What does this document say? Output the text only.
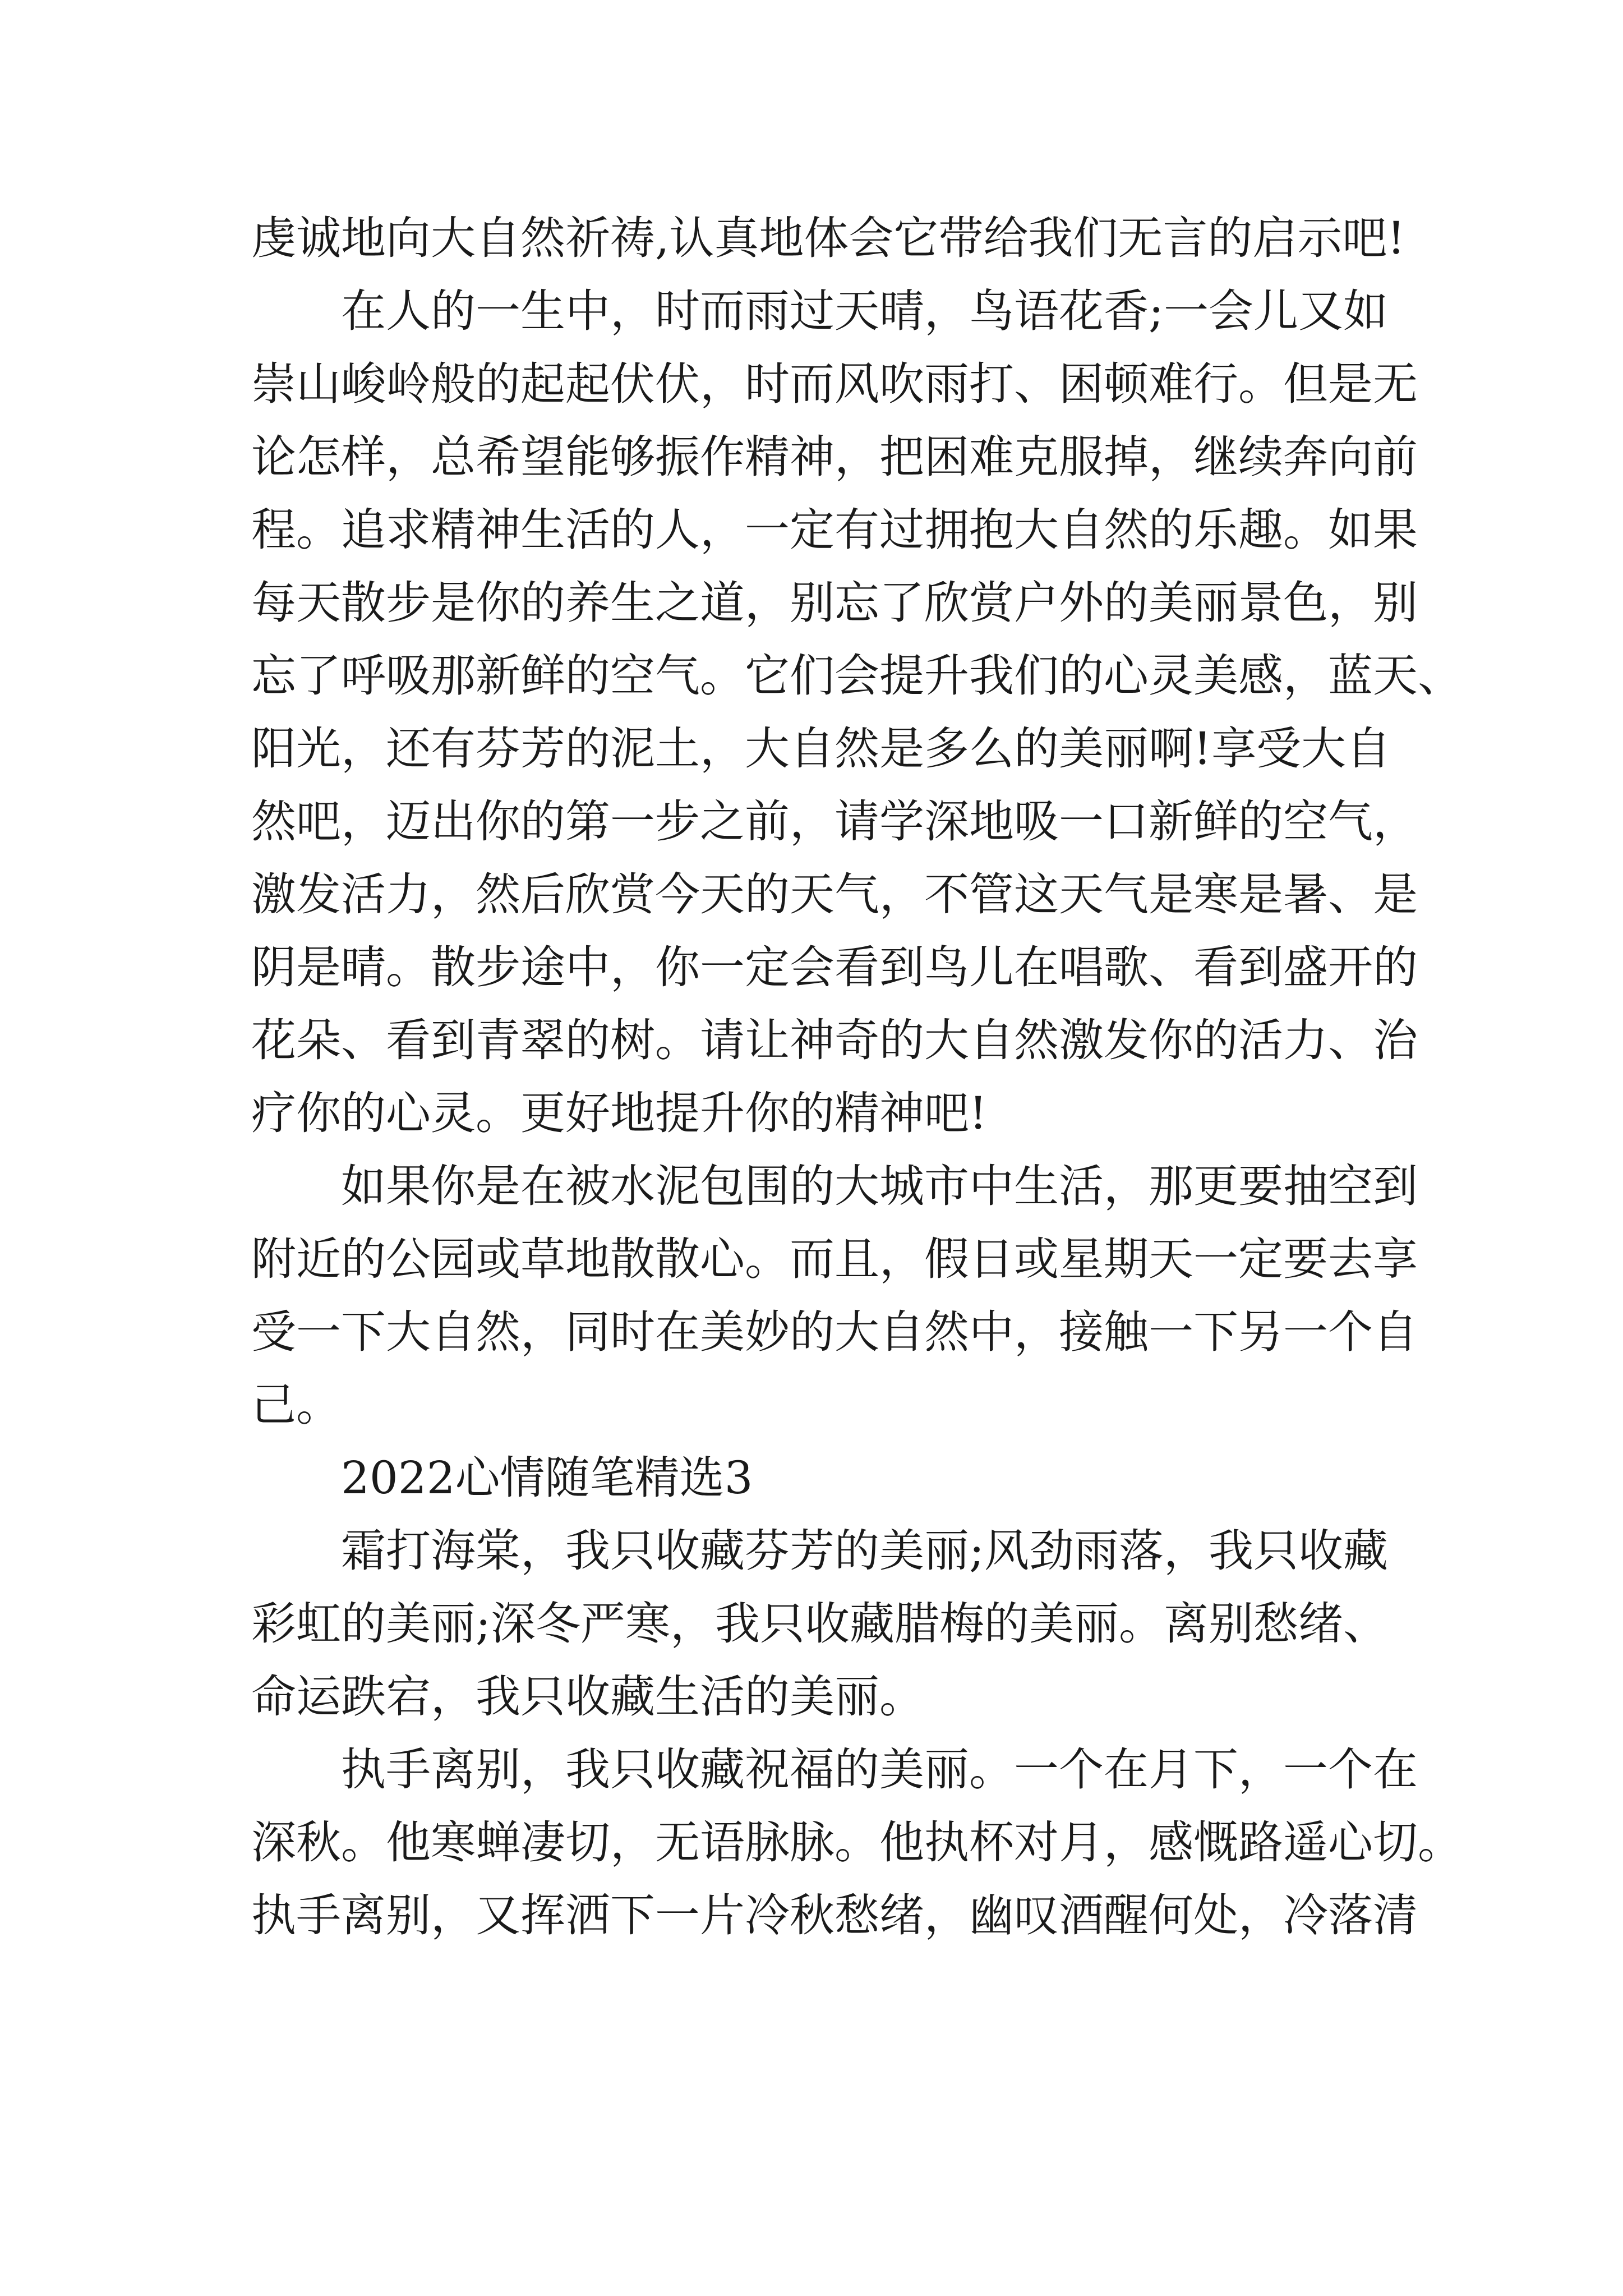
虔诚地向大自然祈祷,认真地体会它带给我们无言的启示吧!
在人的一生中，时而雨过天晴，鸟语花香;一会儿又如
崇山峻岭般的起起伏伏，时而风吹雨打、困顿难行。但是无
论怎样，总希望能够振作精神，把困难克服掉，继续奔向前
程。追求精神生活的人，一定有过拥抱大自然的乐趣。如果
每天散步是你的养生之道，别忘了欣赏户外的美丽景色，别
忘了呼吸那新鲜的空气。它们会提升我们的心灵美感，蓝天、
阳光，还有芬芳的泥土，大自然是多么的美丽啊!享受大自
然吧，迈出你的第一步之前，请学深地吸一口新鲜的空气，
激发活力，然后欣赏今天的天气，不管这天气是寒是暑、是
阴是晴。散步途中，你一定会看到鸟儿在唱歌、看到盛开的
花朵、看到青翠的树。请让神奇的大自然激发你的活力、治
疗你的心灵。更好地提升你的精神吧!
如果你是在被水泥包围的大城市中生活，那更要抽空到
附近的公园或草地散散心。而且，假日或星期天一定要去享
受一下大自然，同时在美妙的大自然中，接触一下另一个自
己。
2022心情随笔精选3
霜打海棠，我只收藏芬芳的美丽;风劲雨落，我只收藏
彩虹的美丽;深冬严寒，我只收藏腊梅的美丽。离别愁绪、
命运跌宕，我只收藏生活的美丽。
执手离别，我只收藏祝福的美丽。一个在月下，一个在
深秋。他寒蝉凄切，无语脉脉。他执杯对月，感慨路遥心切。
执手离别，又挥洒下一片冷秋愁绪，幽叹酒醒何处，冷落清
